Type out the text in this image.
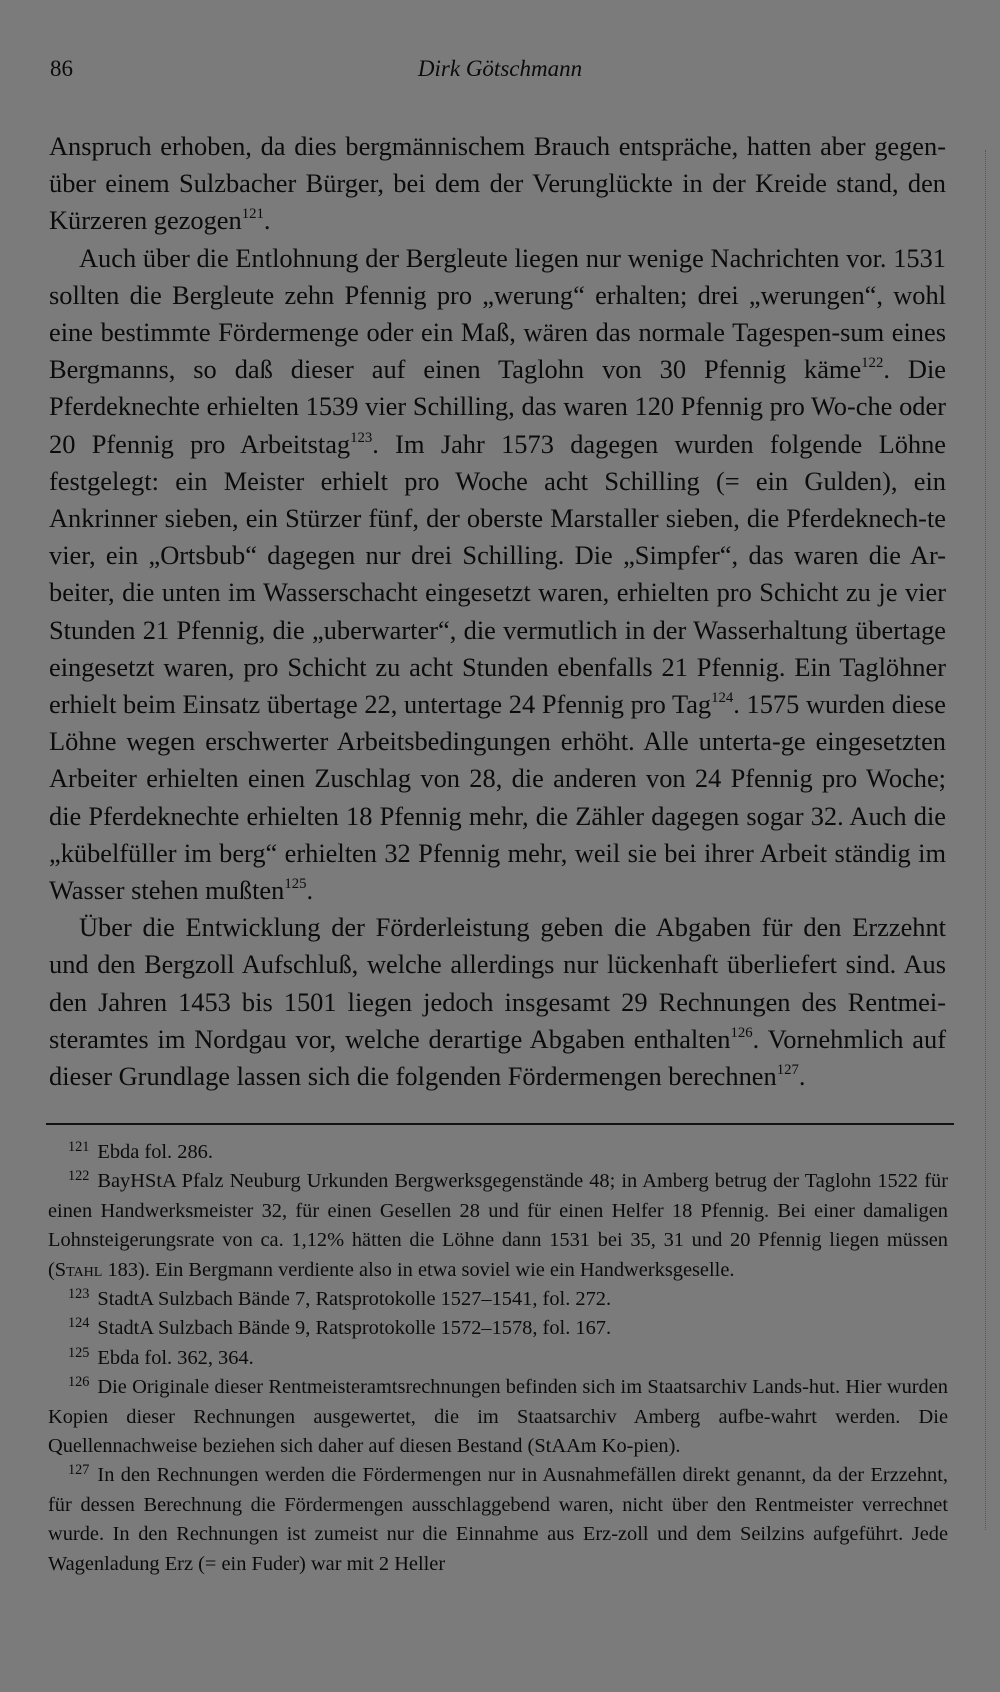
86	Dirk Götschmann

Anspruch erhoben, da dies bergmännischem Brauch entspräche, hatten aber gegen-über einem Sulzbacher Bürger, bei dem der Verunglückte in der Kreide stand, den Kürzeren gezogen$^{121}$.

Auch über die Entlohnung der Bergleute liegen nur wenige Nachrichten vor. 1531 sollten die Bergleute zehn Pfennig pro „werung“ erhalten; drei „werungen“, wohl eine bestimmte Fördermenge oder ein Maß, wären das normale Tagespen-sum eines Bergmanns, so daß dieser auf einen Taglohn von 30 Pfennig käme$^{122}$. Die Pferdeknechte erhielten 1539 vier Schilling, das waren 120 Pfennig pro Wo-che oder 20 Pfennig pro Arbeitstag$^{123}$. Im Jahr 1573 dagegen wurden folgende Löhne festgelegt: ein Meister erhielt pro Woche acht Schilling (= ein Gulden), ein Ankrinner sieben, ein Stürzer fünf, der oberste Marstaller sieben, die Pferdeknech-te vier, ein „Ortsbub“ dagegen nur drei Schilling. Die „Simpfer“, das waren die Ar-beiter, die unten im Wasserschacht eingesetzt waren, erhielten pro Schicht zu je vier Stunden 21 Pfennig, die „uberwarter“, die vermutlich in der Wasserhaltung übertage eingesetzt waren, pro Schicht zu acht Stunden ebenfalls 21 Pfennig. Ein Taglöhner erhielt beim Einsatz übertage 22, untertage 24 Pfennig pro Tag$^{124}$. 1575 wurden diese Löhne wegen erschwerter Arbeitsbedingungen erhöht. Alle unterta-ge eingesetzten Arbeiter erhielten einen Zuschlag von 28, die anderen von 24 Pfennig pro Woche; die Pferdeknechte erhielten 18 Pfennig mehr, die Zähler dagegen sogar 32. Auch die „kübelfüller im berg“ erhielten 32 Pfennig mehr, weil sie bei ihrer Arbeit ständig im Wasser stehen mußten$^{125}$.

Über die Entwicklung der Förderleistung geben die Abgaben für den Erzzehnt und den Bergzoll Aufschluß, welche allerdings nur lückenhaft überliefert sind. Aus den Jahren 1453 bis 1501 liegen jedoch insgesamt 29 Rechnungen des Rentmei-steramtes im Nordgau vor, welche derartige Abgaben enthalten$^{126}$. Vornehmlich auf dieser Grundlage lassen sich die folgenden Fördermengen berechnen$^{127}$.

$^{121}$ Ebda fol. 286.

$^{122}$ BayHStA Pfalz Neuburg Urkunden Bergwerksgegenstände 48; in Amberg betrug der Taglohn 1522 für einen Handwerksmeister 32, für einen Gesellen 28 und für einen Helfer 18 Pfennig. Bei einer damaligen Lohnsteigerungsrate von ca. 1,12% hätten die Löhne dann 1531 bei 35, 31 und 20 Pfennig liegen müssen (Stahl 183). Ein Bergmann verdiente also in etwa soviel wie ein Handwerksgeselle.

$^{123}$ StadtA Sulzbach Bände 7, Ratsprotokolle 1527–1541, fol. 272.

$^{124}$ StadtA Sulzbach Bände 9, Ratsprotokolle 1572–1578, fol. 167.

$^{125}$ Ebda fol. 362, 364.

$^{126}$ Die Originale dieser Rentmeisteramtsrechnungen befinden sich im Staatsarchiv Lands-hut. Hier wurden Kopien dieser Rechnungen ausgewertet, die im Staatsarchiv Amberg aufbe-wahrt werden. Die Quellennachweise beziehen sich daher auf diesen Bestand (StAAm Ko-pien).

$^{127}$ In den Rechnungen werden die Fördermengen nur in Ausnahmefällen direkt genannt, da der Erzzehnt, für dessen Berechnung die Fördermengen ausschlaggebend waren, nicht über den Rentmeister verrechnet wurde. In den Rechnungen ist zumeist nur die Einnahme aus Erz-zoll und dem Seilzins aufgeführt. Jede Wagenladung Erz (= ein Fuder) war mit 2 Heller
